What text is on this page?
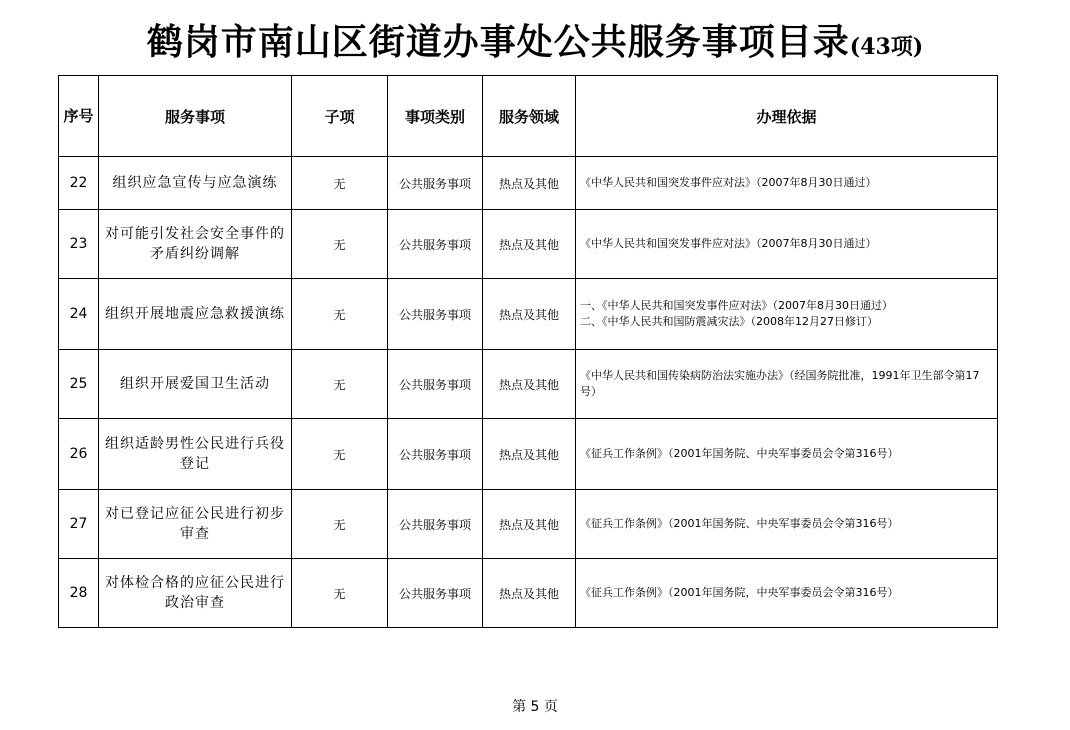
鹤岗市南山区街道办事处公共服务事项目录(43项)
序号	服务事项	子项	事项类别	服务领域	办理依据
22	组织应急宣传与应急演练	无	公共服务事项	热点及其他	《中华人民共和国突发事件应对法》（2007年8月30日通过）

23	对可能引发社会安全事件的矛盾纠纷调解	无	公共服务事项	热点及其他	《中华人民共和国突发事件应对法》（2007年8月30日通过）

24	组织开展地震应急救援演练	无	公共服务事项	热点及其他	一、《中华人民共和国突发事件应对法》（2007年8月30日通过）
二、《中华人民共和国防震减灾法》（2008年12月27日修订）

25	组织开展爱国卫生活动	无	公共服务事项	热点及其他	《中华人民共和国传染病防治法实施办法》（经国务院批准，1991年卫生部令第17号）

26	组织适龄男性公民进行兵役登记	无	公共服务事项	热点及其他	《征兵工作条例》（2001年国务院、中央军事委员会令第316号）

27	对已登记应征公民进行初步审查	无	公共服务事项	热点及其他	《征兵工作条例》（2001年国务院、中央军事委员会令第316号）

28	对体检合格的应征公民进行政治审查	无	公共服务事项	热点及其他	《征兵工作条例》（2001年国务院，中央军事委员会令第316号）
第 5 页
